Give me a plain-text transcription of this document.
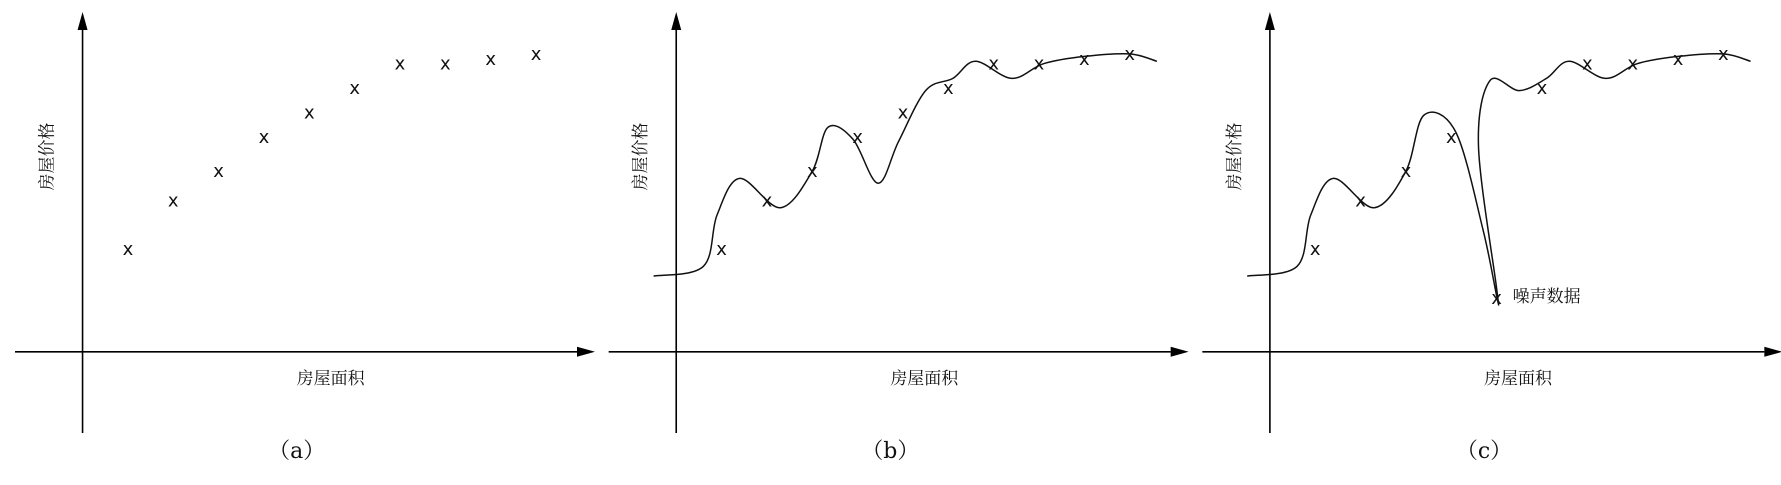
房屋面积
房屋价格
x
x
x
x
x
x
x x x x
（a）
房屋面积
房屋价格
x
x
x
x
x
x
x x x x
（b）
房屋面积
房屋价格
x
x
x
x
x
x
x x x x
噪声数据
（c）
